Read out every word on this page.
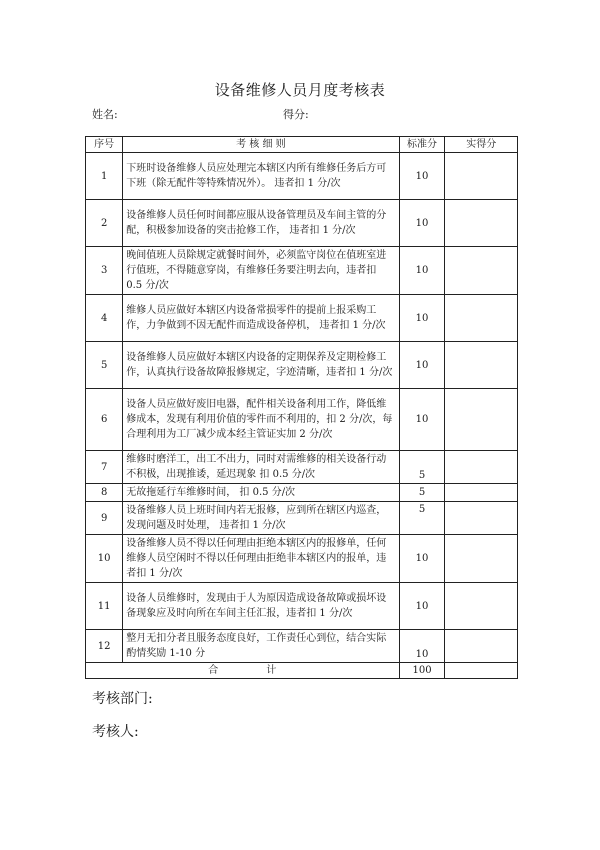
设备维修人员月度考核表
姓名:	得分:
序号	考 核 细 则	标准分	实得分
1	下班时设备维修人员应处理完本辖区内所有维修任务后方可下班（除无配件等特殊情况外）。 违者扣 1 分/次	10	
2	设备维修人员任何时间都应服从设备管理员及车间主管的分配，积极参加设备的突击抢修工作， 违者扣 1 分/次	10	
3	晚间值班人员除规定就餐时间外，必须监守岗位在值班室进行值班，不得随意穿岗，有维修任务要注明去向，违者扣 0.5 分/次	10	
4	维修人员应做好本辖区内设备常损零件的提前上报采购工作，力争做到不因无配件而造成设备停机， 违者扣 1 分/次	10	
5	设备维修人员应做好本辖区内设备的定期保养及定期检修工作，认真执行设备故障报修规定，字迹清晰，违者扣 1 分/次	10	
6	设备人员应做好废旧电器，配件相关设备利用工作，降低维修成本，发现有利用价值的零件而不利用的，扣 2 分/次，每合理利用为工厂减少成本经主管证实加 2 分/次	10	
7	维修时磨洋工，出工不出力，同时对需维修的相关设备行动不积极，出现推诿，延迟现象 扣 0.5 分/次	5	
8	无故拖延行车维修时间， 扣 0.5 分/次	5	
9	设备维修人员上班时间内若无报修，应到所在辖区内巡查，发现问题及时处理， 违者扣 1 分/次	5	
10	设备维修人员不得以任何理由拒绝本辖区内的报修单，任何维修人员空闲时不得以任何理由拒绝非本辖区内的报单，违者扣 1 分/次	10	
11	设备人员维修时，发现由于人为原因造成设备故障或损坏设备现象应及时向所在车间主任汇报，违者扣 1 分/次	10	
12	整月无扣分者且服务态度良好，工作责任心到位，结合实际酌情奖励 1-10 分	10	
合计		100	
考核部门:
考核人:
